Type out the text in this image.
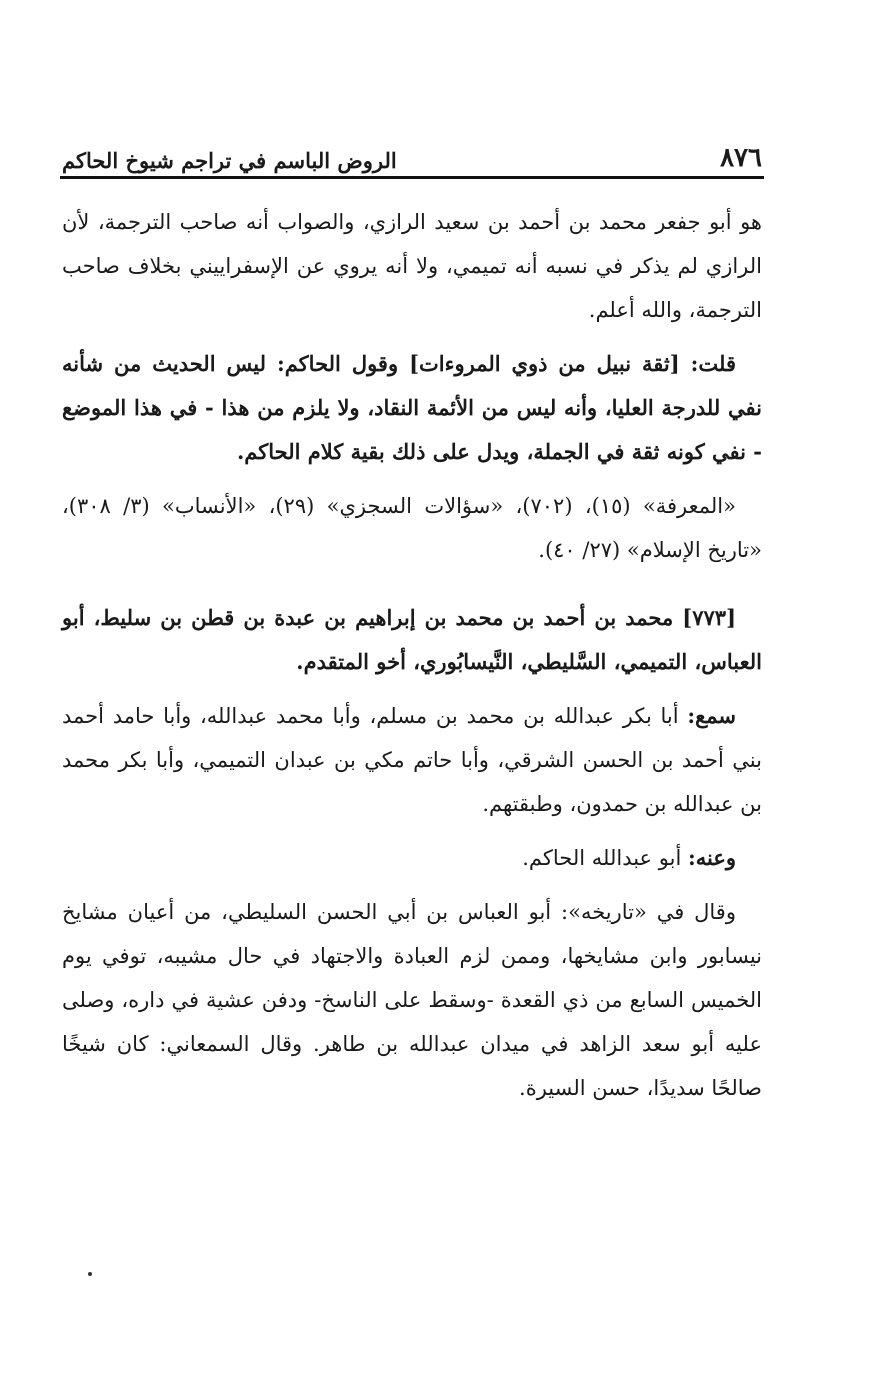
٨٧٦
الروض الباسم في تراجم شيوخ الحاكم

هو أبو جفعر محمد بن أحمد بن سعيد الرازي، والصواب أنه صاحب الترجمة، لأن الرازي لم يذكر في نسبه أنه تميمي، ولا أنه يروي عن الإسفراييني بخلاف صاحب الترجمة، والله أعلم.

قلت: [ثقة نبيل من ذوي المروءات] وقول الحاكم: ليس الحديث من شأنه نفي للدرجة العليا، وأنه ليس من الأئمة النقاد، ولا يلزم من هذا - في هذا الموضع - نفي كونه ثقة في الجملة، ويدل على ذلك بقية كلام الحاكم.

«المعرفة» (١٥)، (٧٠٢)، «سؤالات السجزي» (٢٩)، «الأنساب» (٣/ ٣٠٨)، «تاريخ الإسلام» (٢٧/ ٤٠).

[٧٧٣] محمد بن أحمد بن محمد بن إبراهيم بن عبدة بن قطن بن سليط، أبو العباس، التميمي، السَّليطي، النَّيسابُوري، أخو المتقدم.

سمع: أبا بكر عبدالله بن محمد بن مسلم، وأبا محمد عبدالله، وأبا حامد أحمد بني أحمد بن الحسن الشرقي، وأبا حاتم مكي بن عبدان التميمي، وأبا بكر محمد بن عبدالله بن حمدون، وطبقتهم.

وعنه: أبو عبدالله الحاكم.

وقال في «تاريخه»: أبو العباس بن أبي الحسن السليطي، من أعيان مشايخ نيسابور وابن مشايخها، وممن لزم العبادة والاجتهاد في حال مشيبه، توفي يوم الخميس السابع من ذي القعدة -وسقط على الناسخ- ودفن عشية في داره، وصلى عليه أبو سعد الزاهد في ميدان عبدالله بن طاهر. وقال السمعاني: كان شيخًا صالحًا سديدًا، حسن السيرة.
